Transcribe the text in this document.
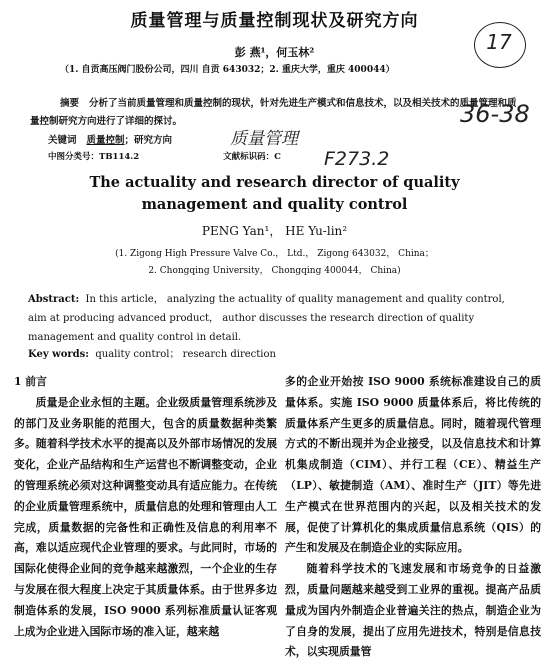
质量管理与质量控制现状及研究方向
17
彭 燕¹，何玉林²
（1. 自贡高压阀门股份公司，四川 自贡 643032；2. 重庆大学，重庆 400044）
摘要 分析了当前质量管理和质量控制的现状，针对先进生产模式和信息技术，以及相关技术的质量管理和质量控制研究方向进行了详细的探讨。	36-38
关键词 质量控制；研究方向	质量管理
中图分类号：TB114.2	文献标识码：C F273.2
The actuality and research director of quality
management and quality control
PENG Yan¹， HE Yu-lin²
(1. Zigong High Pressure Valve Co.， Ltd.， Zigong 643032， China；
2. Chongqing University， Chongqing 400044， China)
Abstract: In this article， analyzing the actuality of quality management and quality control, aim at producing advanced product， author discusses the research direction of quality management and quality control in detail.
Key words: quality control； research direction
1 前言

质量是企业永恒的主题。企业级质量管理系统涉及的部门及业务职能的范围大，包含的质量数据种类繁多。随着科学技术水平的提高以及外部市场情况的发展变化，企业产品结构和生产运营也不断调整变动，企业的管理系统必须对这种调整变动具有适应能力。在传统的企业质量管理系统中，质量信息的处理和管理由人工完成，质量数据的完备性和正确性及信息的利用率不高，难以适应现代企业管理的要求。与此同时，市场的国际化使得企业间的竞争越来越激烈，一个企业的生存与发展在很大程度上决定于其质量体系。由于世界多边制造体系的发展，ISO 9000 系列标准质量认证客观上成为企业进入国际市场的准入证，越来越

多的企业开始按 ISO 9000 系统标准建设自己的质量体系。实施 ISO 9000 质量体系后，将比传统的质量体系产生更多的质量信息。同时，随着现代管理方式的不断出现并为企业接受，以及信息技术和计算机集成制造（CIM）、并行工程（CE）、精益生产（LP）、敏捷制造（AM）、准时生产（JIT）等先进生产模式在世界范围内的兴起，以及相关技术的发展，促使了计算机化的集成质量信息系统（QIS）的产生和发展及在制造企业的实际应用。

随着科学技术的飞速发展和市场竞争的日益激烈，质量问题越来越受到工业界的重视。提高产品质量成为国内外制造企业普遍关注的热点，制造企业为了自身的发展，提出了应用先进技术，特别是信息技术，以实现质量管
